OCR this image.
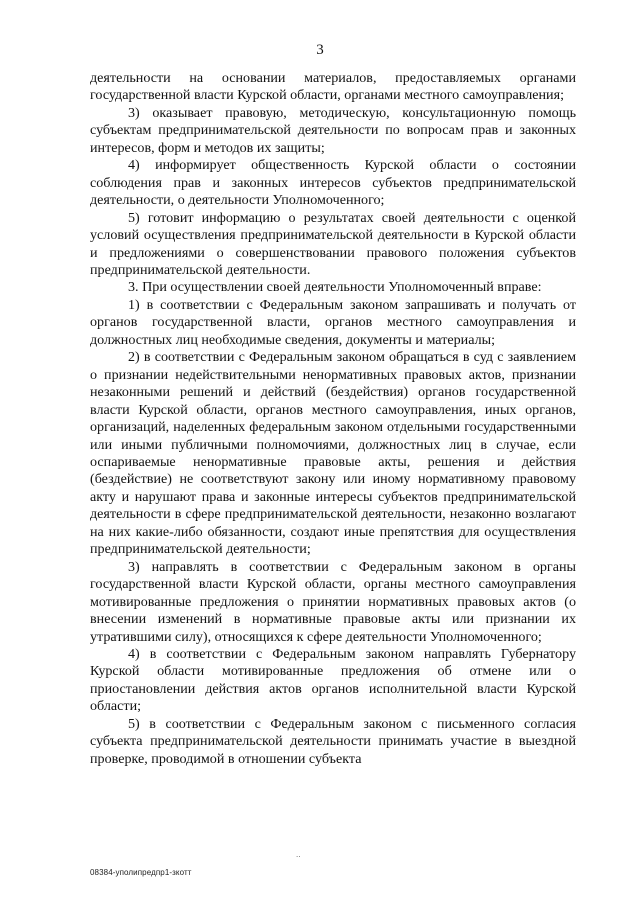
3

деятельности на основании материалов, предоставляемых органами государственной власти Курской области, органами местного самоуправления;

3) оказывает правовую, методическую, консультационную помощь субъектам предпринимательской деятельности по вопросам прав и законных интересов, форм и методов их защиты;

4) информирует общественность Курской области о состоянии соблюдения прав и законных интересов субъектов предпринимательской деятельности, о деятельности Уполномоченного;

5) готовит информацию о результатах своей деятельности с оценкой условий осуществления предпринимательской деятельности в Курской области и предложениями о совершенствовании правового положения субъектов предпринимательской деятельности.

3. При осуществлении своей деятельности Уполномоченный вправе:

1) в соответствии с Федеральным законом запрашивать и получать от органов государственной власти, органов местного самоуправления и должностных лиц необходимые сведения, документы и материалы;

2) в соответствии с Федеральным законом обращаться в суд с заявлением о признании недействительными ненормативных правовых актов, признании незаконными решений и действий (бездействия) органов государственной власти Курской области, органов местного самоуправления, иных органов, организаций, наделенных федеральным законом отдельными государственными или иными публичными полномочиями, должностных лиц в случае, если оспариваемые ненормативные правовые акты, решения и действия (бездействие) не соответствуют закону или иному нормативному правовому акту и нарушают права и законные интересы субъектов предпринимательской деятельности в сфере предпринимательской деятельности, незаконно возлагают на них какие-либо обязанности, создают иные препятствия для осуществления предпринимательской деятельности;

3) направлять в соответствии с Федеральным законом в органы государственной власти Курской области, органы местного самоуправления мотивированные предложения о принятии нормативных правовых актов (о внесении изменений в нормативные правовые акты или признании их утратившими силу), относящихся к сфере деятельности Уполномоченного;

4) в соответствии с Федеральным законом направлять Губернатору Курской области мотивированные предложения об отмене или о приостановлении действия актов органов исполнительной власти Курской области;

5) в соответствии с Федеральным законом с письменного согласия субъекта предпринимательской деятельности принимать участие в выездной проверке, проводимой в отношении субъекта

..
08384-уполипредпр1-зкотт
